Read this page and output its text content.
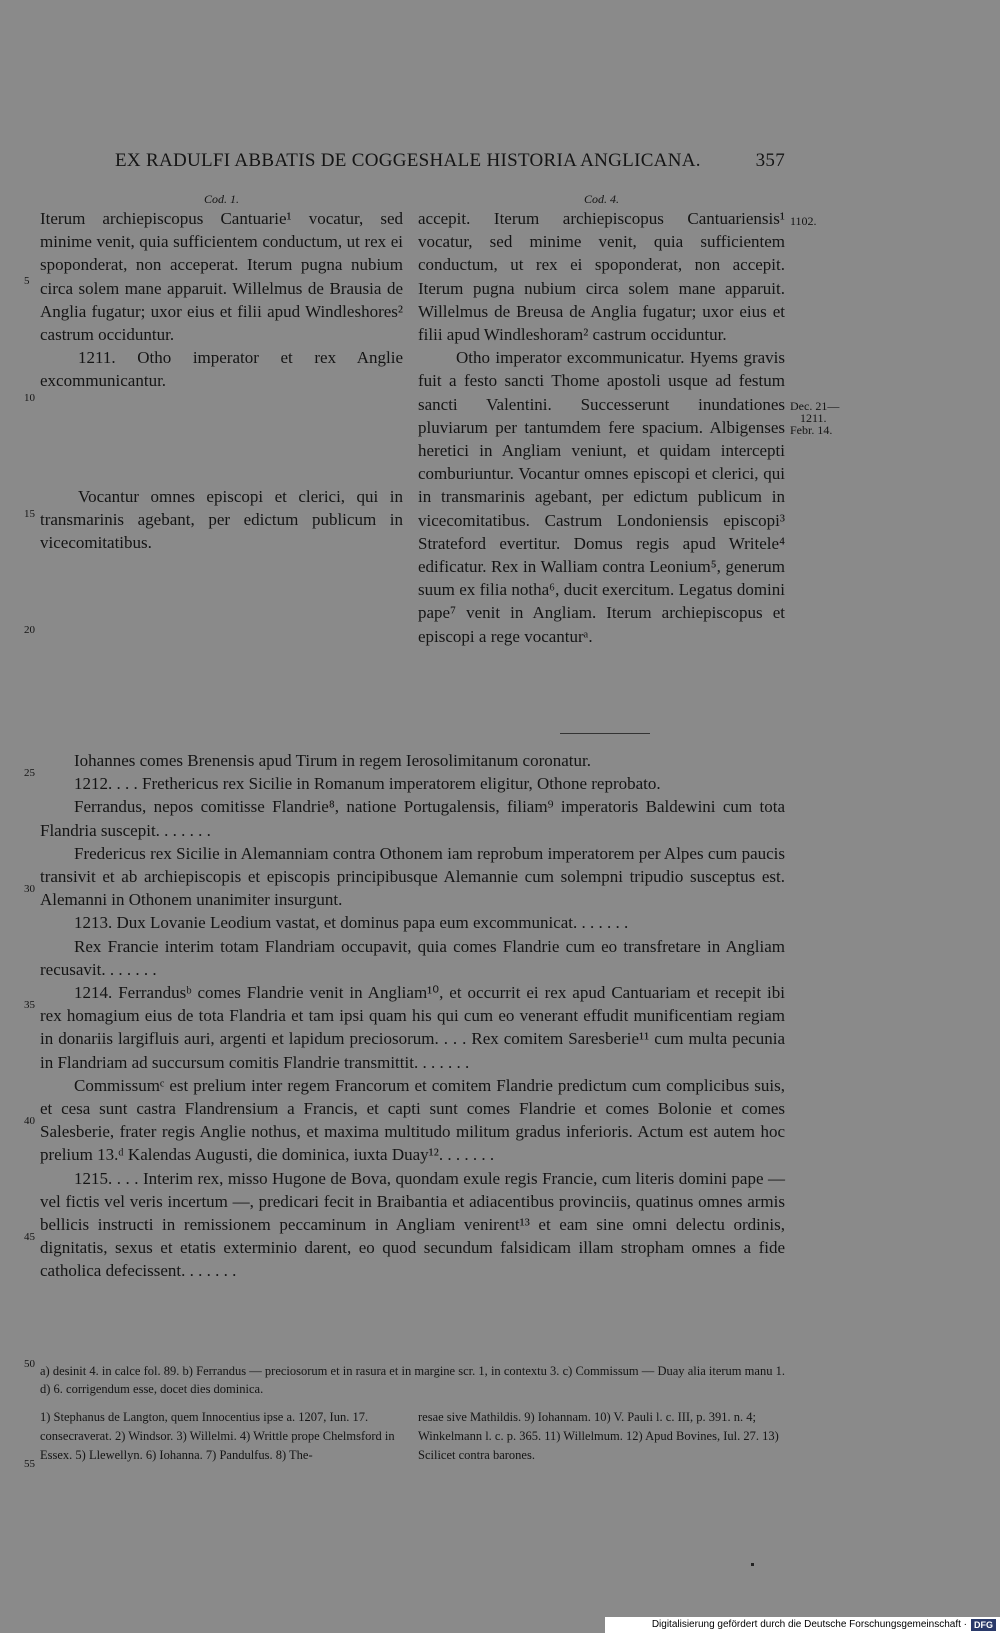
EX RADULFI ABBATIS DE COGGESHALE HISTORIA ANGLICANA.	357
Cod. 1.

Iterum archiepiscopus Cantuarie¹ vocatur, sed minime venit, quia sufficientem conductum, ut rex ei spoponderat, non acceperat. Iterum pugna nubium circa solem mane apparuit. Willelmus de Brausia de Anglia fugatur; uxor eius et filii apud Windleshores² castrum occiduntur.

1211. Otho imperator et rex Anglie excommunicantur.

Vocantur omnes episcopi et clerici, qui in transmarinis agebant, per edictum publicum in vicecomitatibus.

Cod. 4.

accepit. Iterum archiepiscopus Cantuariensis¹ vocatur, sed minime venit, quia sufficientem conductum, ut rex ei spoponderat, non accepit. Iterum pugna nubium circa solem mane apparuit. Willelmus de Breusa de Anglia fugatur; uxor eius et filii apud Windleshoram² castrum occiduntur.

Otho imperator excommunicatur. Hyems gravis fuit a festo sancti Thome apostoli usque ad festum sancti Valentini. Successerunt inundationes pluviarum per tantumdem fere spacium. Albigenses heretici in Angliam veniunt, et quidam intercepti comburiuntur. Vocantur omnes episcopi et clerici, qui in transmarinis agebant, per edictum publicum in vicecomitatibus. Castrum Londoniensis episcopi³ Strateford evertitur. Domus regis apud Writele⁴ edificatur. Rex in Walliam contra Leonium⁵, generum suum ex filia notha⁶, ducit exercitum. Legatus domini pape⁷ venit in Angliam. Iterum archiepiscopus et episcopi a rege vocanturᵃ.

1102.
Dec. 21—
1211.
Febr. 14.
5
10
15
20
25
30
35
40
45
50
55

Iohannes comes Brenensis apud Tirum in regem Ierosolimitanum coronatur.

1212. . . . Frethericus rex Sicilie in Romanum imperatorem eligitur, Othone reprobato.

Ferrandus, nepos comitisse Flandrie⁸, natione Portugalensis, filiam⁹ imperatoris Baldewini cum tota Flandria suscepit. . . . . . .

Fredericus rex Sicilie in Alemanniam contra Othonem iam reprobum imperatorem per Alpes cum paucis transivit et ab archiepiscopis et episcopis principibusque Alemannie cum solempni tripudio susceptus est. Alemanni in Othonem unanimiter insurgunt.

1213. Dux Lovanie Leodium vastat, et dominus papa eum excommunicat. . . . . . .

Rex Francie interim totam Flandriam occupavit, quia comes Flandrie cum eo transfretare in Angliam recusavit. . . . . . .

1214. Ferrandusᵇ comes Flandrie venit in Angliam¹⁰, et occurrit ei rex apud Cantuariam et recepit ibi rex homagium eius de tota Flandria et tam ipsi quam his qui cum eo venerant effudit munificentiam regiam in donariis largifluis auri, argenti et lapidum preciosorum. . . . Rex comitem Saresberie¹¹ cum multa pecunia in Flandriam ad succursum comitis Flandrie transmittit. . . . . . .

Commissumᶜ est prelium inter regem Francorum et comitem Flandrie predictum cum complicibus suis, et cesa sunt castra Flandrensium a Francis, et capti sunt comes Flandrie et comes Bolonie et comes Salesberie, frater regis Anglie nothus, et maxima multitudo militum gradus inferioris. Actum est autem hoc prelium 13.ᵈ Kalendas Augusti, die dominica, iuxta Duay¹². . . . . . .

1215. . . . Interim rex, misso Hugone de Bova, quondam exule regis Francie, cum literis domini pape — vel fictis vel veris incertum —, predicari fecit in Braibantia et adiacentibus provinciis, quatinus omnes armis bellicis instructi in remissionem peccaminum in Angliam venirent¹³ et eam sine omni delectu ordinis, dignitatis, sexus et etatis exterminio darent, eo quod secundum falsidicam illam stropham omnes a fide catholica defecissent. . . . . . .

a) desinit 4. in calce fol. 89. b) Ferrandus — preciosorum et in rasura et in margine scr. 1, in contextu 3. c) Commissum — Duay alia iterum manu 1. d) 6. corrigendum esse, docet dies dominica.
1) Stephanus de Langton, quem Innocentius ipse a. 1207, Iun. 17. consecraverat. 2) Windsor. 3) Willelmi. 4) Writtle prope Chelmsford in Essex. 5) Llewellyn. 6) Iohanna. 7) Pandulfus. 8) The-
resae sive Mathildis. 9) Iohannam. 10) V. Pauli l. c. III, p. 391. n. 4; Winkelmann l. c. p. 365. 11) Willelmum. 12) Apud Bovines, Iul. 27. 13) Scilicet contra barones.
Digitalisierung gefördert durch die Deutsche Forschungsgemeinschaft · DFG
